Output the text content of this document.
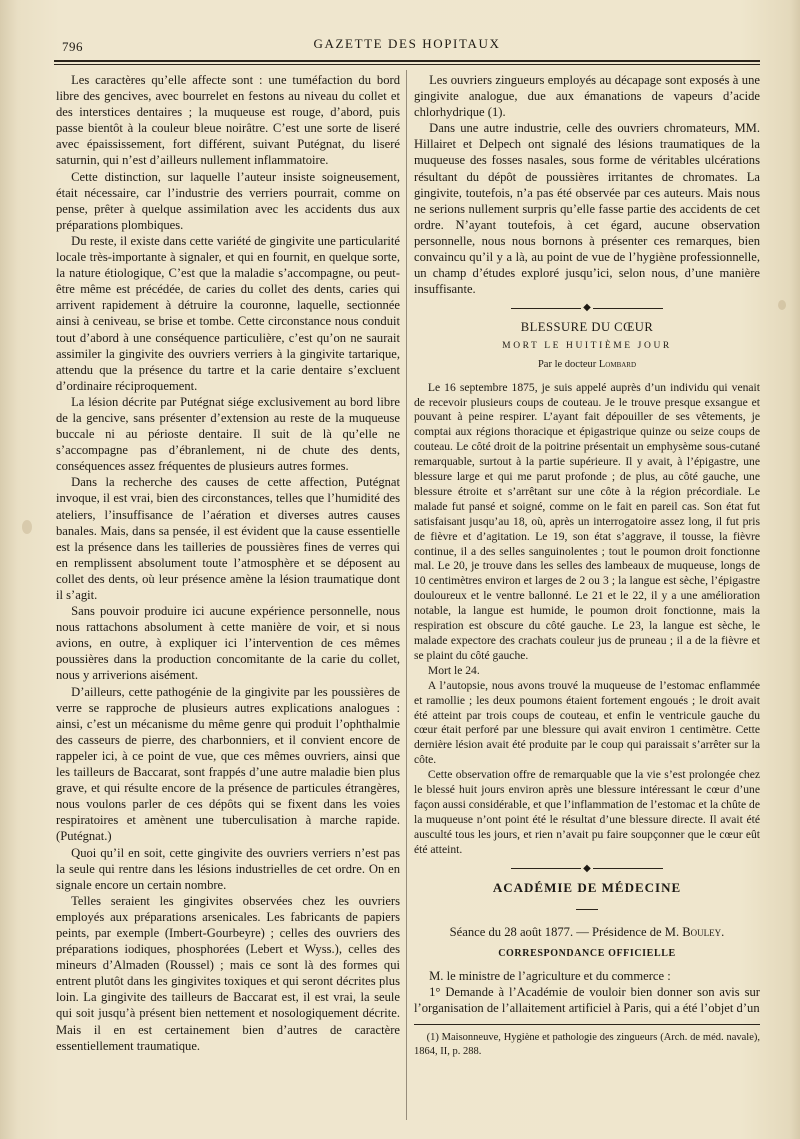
796	GAZETTE DES HOPITAUX

Les caractères qu’elle affecte sont : une tuméfaction du bord libre des gencives, avec bourrelet en festons au niveau du collet et des interstices dentaires ; la muqueuse est rouge, d’abord, puis passe bientôt à la couleur bleue noirâtre. C’est une sorte de liseré avec épaississement, fort différent, suivant Putégnat, du liseré saturnin, qui n’est d’ailleurs nullement inflammatoire.

Cette distinction, sur laquelle l’auteur insiste soigneusement, était nécessaire, car l’industrie des verriers pourrait, comme on pense, prêter à quelque assimilation avec les accidents dus aux préparations plombiques.

Du reste, il existe dans cette variété de gingivite une particularité locale très-importante à signaler, et qui en fournit, en quelque sorte, la nature étiologique, C’est que la maladie s’accompagne, ou peut-être même est précédée, de caries du collet des dents, caries qui arrivent rapidement à détruire la couronne, laquelle, sectionnée ainsi à ceniveau, se brise et tombe. Cette circonstance nous conduit tout d’abord à une conséquence particulière, c’est qu’on ne saurait assimiler la gingivite des ouvriers verriers à la gingivite tartarique, attendu que la présence du tartre et la carie dentaire s’excluent d’ordinaire réciproquement.

La lésion décrite par Putégnat siége exclusivement au bord libre de la gencive, sans présenter d’extension au reste de la muqueuse buccale ni au périoste dentaire. Il suit de là qu’elle ne s’accompagne pas d’ébranlement, ni de chute des dents, conséquences assez fréquentes de plusieurs autres formes.

Dans la recherche des causes de cette affection, Putégnat invoque, il est vrai, bien des circonstances, telles que l’humidité des ateliers, l’insuffisance de l’aération et diverses autres causes banales. Mais, dans sa pensée, il est évident que la cause essentielle est la présence dans les tailleries de poussières fines de verres qui en remplissent absolument toute l’atmosphère et se déposent au collet des dents, où leur présence amène la lésion traumatique dont il s’agit.

Sans pouvoir produire ici aucune expérience personnelle, nous nous rattachons absolument à cette manière de voir, et si nous avions, en outre, à expliquer ici l’intervention de ces mêmes poussières dans la production concomitante de la carie du collet, nous y arriverions aisément.

D’ailleurs, cette pathogénie de la gingivite par les poussières de verre se rapproche de plusieurs autres explications analogues : ainsi, c’est un mécanisme du même genre qui produit l’ophthalmie des casseurs de pierre, des charbonniers, et il convient encore de rappeler ici, à ce point de vue, que ces mêmes ouvriers, ainsi que les tailleurs de Baccarat, sont frappés d’une autre maladie bien plus grave, et qui résulte encore de la présence de particules étrangères, nous voulons parler de ces dépôts qui se fixent dans les voies respiratoires et amènent une tuberculisation à marche rapide. (Putégnat.)

Quoi qu’il en soit, cette gingivite des ouvriers verriers n’est pas la seule qui rentre dans les lésions industrielles de cet ordre. On en signale encore un certain nombre.

Telles seraient les gingivites observées chez les ouvriers employés aux préparations arsenicales. Les fabricants de papiers peints, par exemple (Imbert-Gourbeyre) ; celles des ouvriers des préparations iodiques, phosphorées (Lebert et Wyss.), celles des mineurs d’Almaden (Roussel) ; mais ce sont là des formes qui entrent plutôt dans les gingivites toxiques et qui seront décrites plus loin. La gingivite des tailleurs de Baccarat est, il est vrai, la seule qui soit jusqu’à présent bien nettement et nosologiquement décrite. Mais il en est certainement bien d’autres de caractère essentiellement traumatique.

Les ouvriers zingueurs employés au décapage sont exposés à une gingivite analogue, due aux émanations de vapeurs d’acide chlorhydrique (1).

Dans une autre industrie, celle des ouvriers chromateurs, MM. Hillairet et Delpech ont signalé des lésions traumatiques de la muqueuse des fosses nasales, sous forme de véritables ulcérations résultant du dépôt de poussières irritantes de chromates. La gingivite, toutefois, n’a pas été observée par ces auteurs. Mais nous ne serions nullement surpris qu’elle fasse partie des accidents de cet ordre. N’ayant toutefois, à cet égard, aucune observation personnelle, nous nous bornons à présenter ces remarques, bien convaincu qu’il y a là, au point de vue de l’hygiène professionnelle, un champ d’études exploré jusqu’ici, selon nous, d’une manière insuffisante.

◆
BLESSURE DU CŒUR
MORT LE HUITIÈME JOUR
Par le docteur Lombard

Le 16 septembre 1875, je suis appelé auprès d’un individu qui venait de recevoir plusieurs coups de couteau. Je le trouve presque exsangue et pouvant à peine respirer. L’ayant fait dépouiller de ses vêtements, je comptai aux régions thoracique et épigastrique quinze ou seize coups de couteau. Le côté droit de la poitrine présentait un emphysème sous-cutané remarquable, surtout à la partie supérieure. Il y avait, à l’épigastre, une blessure large et qui me parut profonde ; de plus, au côté gauche, une blessure étroite et s’arrêtant sur une côte à la région précordiale. Le malade fut pansé et soigné, comme on le fait en pareil cas. Son état fut satisfaisant jusqu’au 18, où, après un interrogatoire assez long, il fut pris de fièvre et d’agitation. Le 19, son état s’aggrave, il tousse, la fièvre continue, il a des selles sanguinolentes ; tout le poumon droit fonctionne mal. Le 20, je trouve dans les selles des lambeaux de muqueuse, longs de 10 centimètres environ et larges de 2 ou 3 ; la langue est sèche, l’épigastre douloureux et le ventre ballonné. Le 21 et le 22, il y a une amélioration notable, la langue est humide, le poumon droit fonctionne, mais la respiration est obscure du côté gauche. Le 23, la langue est sèche, le malade expectore des crachats couleur jus de pruneau ; il a de la fièvre et se plaint du côté gauche.

Mort le 24.

A l’autopsie, nous avons trouvé la muqueuse de l’estomac enflammée et ramollie ; les deux poumons étaient fortement engoués ; le droit avait été atteint par trois coups de couteau, et enfin le ventricule gauche du cœur était perforé par une blessure qui avait environ 1 centimètre. Cette dernière lésion avait été produite par le coup qui paraissait s’arrêter sur la côte.

Cette observation offre de remarquable que la vie s’est prolongée chez le blessé huit jours environ après une blessure intéressant le cœur d’une façon aussi considérable, et que l’inflammation de l’estomac et la chûte de la muqueuse n’ont point été le résultat d’une blessure directe. Il avait été ausculté tous les jours, et rien n’avait pu faire soupçonner que le cœur eût été atteint.

◆
ACADÉMIE DE MÉDECINE
Séance du 28 août 1877. — Présidence de M. Bouley.
CORRESPONDANCE OFFICIELLE

M. le ministre de l’agriculture et du commerce :

1° Demande à l’Académie de vouloir bien donner son avis sur l’organisation de l’allaitement artificiel à Paris, qui a été l’objet d’un

(1) Maisonneuve, Hygiène et pathologie des zingueurs (Arch. de méd. navale), 1864, II, p. 288.
